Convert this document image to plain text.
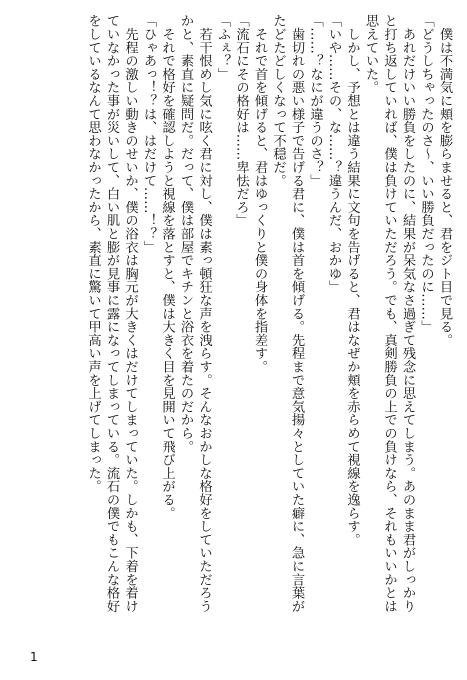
　僕は不満気に頬を膨らませると、君をジト目で見る。
「どうしちゃったのさ〜、いい勝負だったのに……」
　あれだけいい勝負をしたのに、結果が呆気なさ過ぎて残念に思えてしまう。あのまま君がしっかりと打ち返していれば、僕は負けていただろう。でも、真剣勝負の上での負けなら、それもいいかとは思えていた。
　しかし、予想とは違う結果に文句を告げると、君はなぜか頬を赤らめて視線を逸らす。
「いや……その、な……？違うんだ、おかゆ」
「……？なにが違うのさ？」
　歯切れの悪い様子で告げる君に、僕は首を傾げる。先程まで意気揚々としていた癖に、急に言葉がたどたどしくなって不穏だ。
　それで首を傾げると、君はゆっくりと僕の身体を指差す。
「流石にその格好は……卑怯だろ」
「ふぇ？」
　若干恨めし気に呟く君に対し、僕は素っ頓狂な声を洩らす。そんなおかしな格好をしていただろうかと、素直に疑問だ。だって、僕は部屋でキチンと浴衣を着たのだから。
　それで格好を確認しようと視線を落とすと、僕は大きく目を見開いて飛び上がる。
「ひゃあっ！？は、はだけて……！？」
　先程の激しい動きのせいか、僕の浴衣は胸元が大きくはだけてしまっていた。しかも、下着を着けていなかった事が災いして、白い肌と膨が見事に露になってしまっている。流石の僕でもこんな格好をしているなんて思わなかったから、素直に驚いて甲高い声を上げてしまった。
1
